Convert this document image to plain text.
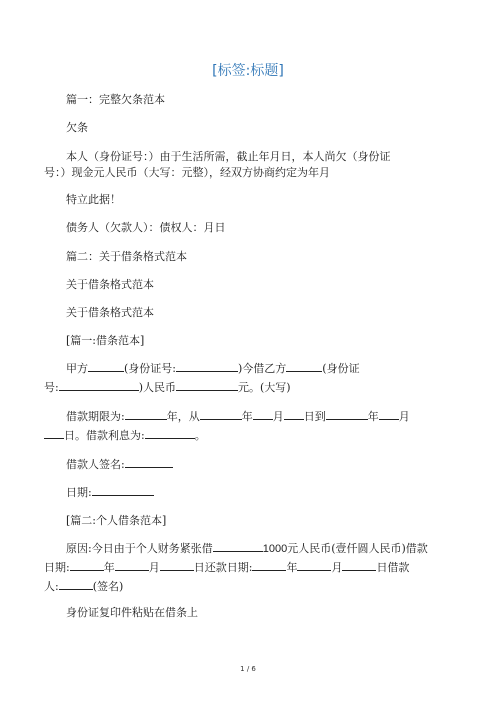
[标签:标题]
篇一：完整欠条范本
欠条
本人（身份证号：）由于生活所需，截止年月日，本人尚欠（身份证
号：）现金元人民币（大写：元整），经双方协商约定为年月
特立此据！
债务人（欠款人）：债权人：月日
篇二：关于借条格式范本
关于借条格式范本
关于借条格式范本
[篇一:借条范本]
甲方	(身份证号:	)今借乙方	(身份证
号:	)人民币	元。(大写)
借款期限为:	年，从	年 月 日到	年 月
日。借款利息为:	。
借款人签名:
日期:
[篇二:个人借条范本]
原因:今日由于个人财务紧张借	1000元人民币(壹仟圆人民币)借款
日期:	年	月	日还款日期:	年	月	日借款
人:	(签名)
身份证复印件粘贴在借条上
1 / 6
